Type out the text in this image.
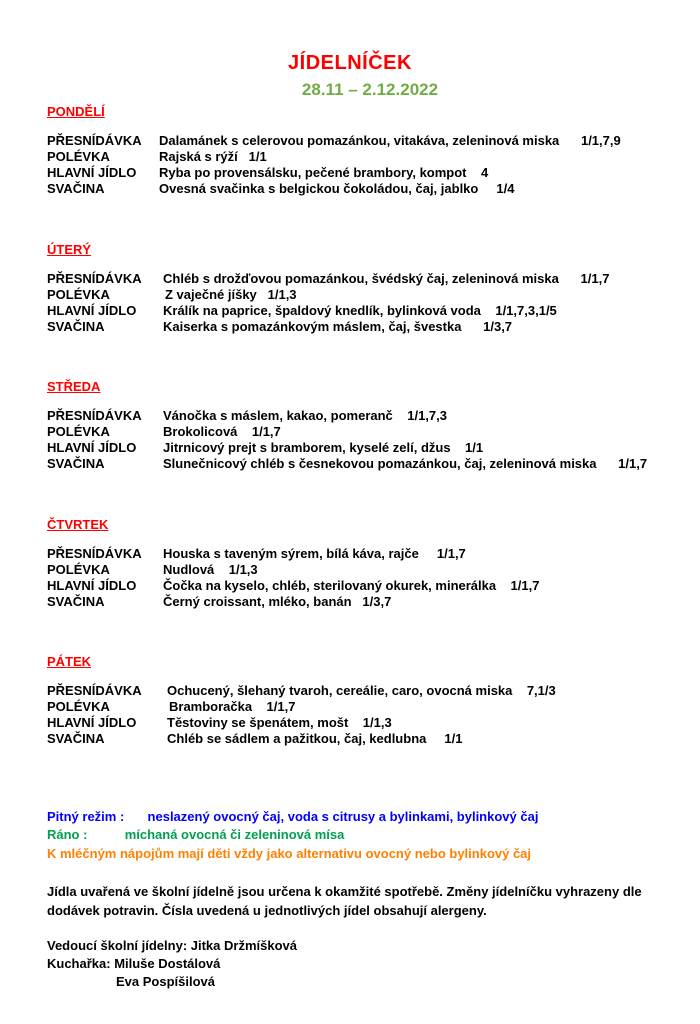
JÍDELNÍČEK
28.11 – 2.12.2022
PONDĚLÍ
PŘESNÍDÁVKA Dalamánek s celerovou pomazánkou, vitakáva, zeleninová miska      1/1,7,9
POLÉVKA	Rajská s rýží   1/1
HLAVNÍ JÍDLO Ryba po provensálsku, pečené brambory, kompot    4
SVAČINA	Ovesná svačinka s belgickou čokoládou, čaj, jablko     1/4
ÚTERÝ
PŘESNÍDÁVKA Chléb s drožďovou pomazánkou, švédský čaj, zeleninová miska      1/1,7
POLÉVKA	Z vaječné jíšky   1/1,3
HLAVNÍ JÍDLO Králík na paprice, špaldový knedlík, bylinková voda    1/1,7,3,1/5
SVAČINA	Kaiserka s pomazánkovým máslem, čaj, švestka      1/3,7
STŘEDA
PŘESNÍDÁVKA Vánočka s máslem, kakao, pomeranč    1/1,7,3
POLÉVKA	Brokolicová    1/1,7
HLAVNÍ JÍDLO Jitrnicový prejt s bramborem, kyselé zelí, džus    1/1
SVAČINA	Slunečnicový chléb s česnekovou pomazánkou, čaj, zeleninová miska      1/1,7
ČTVRTEK
PŘESNÍDÁVKA Houska s taveným sýrem, bílá káva, rajče     1/1,7
POLÉVKA	Nudlová    1/1,3
HLAVNÍ JÍDLO Čočka na kyselo, chléb, sterilovaný okurek, minerálka    1/1,7
SVAČINA	Černý croissant, mléko, banán   1/3,7
PÁTEK
PŘESNÍDÁVKA Ochucený, šlehaný tvaroh, cereálie, caro, ovocná miska    7,1/3
POLÉVKA	Bramboračka    1/1,7
HLAVNÍ JÍDLO Těstoviny se špenátem, mošt    1/1,3
SVAČINA	Chléb se sádlem a pažitkou, čaj, kedlubna     1/1
Pitný režim : neslazený ovocný čaj, voda s citrusy a bylinkami, bylinkový čaj
Ráno :	míchaná ovocná či zeleninová mísa
K mléčným nápojům mají děti vždy jako alternativu ovocný nebo bylinkový čaj
Jídla uvařená ve školní jídelně jsou určena k okamžité spotřebě. Změny jídelníčku vyhrazeny dle dodávek potravin. Čísla uvedená u jednotlivých jídel obsahují alergeny.
Vedoucí školní jídelny: Jitka Držmíšková
Kuchařka: Miluše Dostálová
Eva Pospíšilová
